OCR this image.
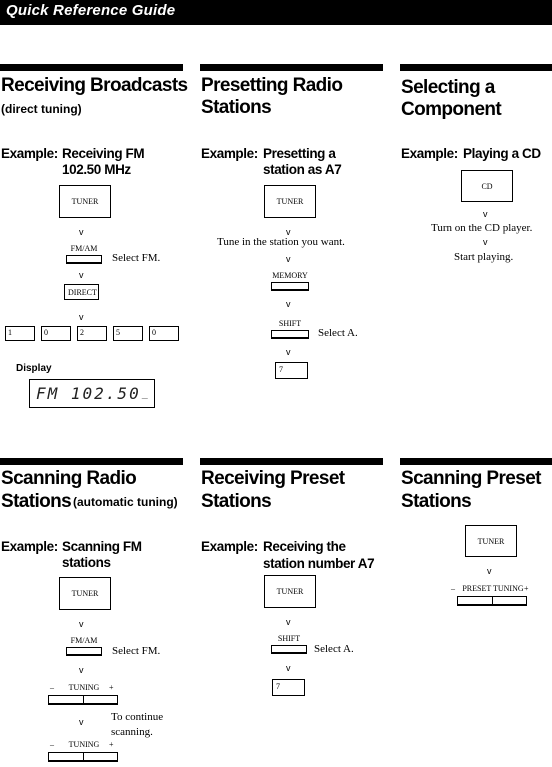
Quick Reference Guide
Receiving Broadcasts
(direct tuning)
Example: Receiving FM
102.50 MHz
TUNER
v
FM/AM
Select FM.
v
DIRECT
v
1	0	2	5	0
Display
FM 102.50 _
Presetting Radio
Stations
Example: Presetting a
station as A7
TUNER
v
Tune in the station you want.
v
MEMORY
v
SHIFT
Select A.
v
7
Selecting a
Component
Example: Playing a CD
CD
v
Turn on the CD player.
v
Start playing.
Scanning Radio
Stations (automatic tuning)
Example: Scanning FM
stations
TUNER
v
FM/AM
Select FM.
v
–	TUNING	+
v	To continue
scanning.
–	TUNING	+
Receiving Preset
Stations
Example: Receiving the
station number A7
TUNER
v
SHIFT
Select A.
v
7
Scanning Preset
Stations
TUNER
v
– PRESET TUNING +
